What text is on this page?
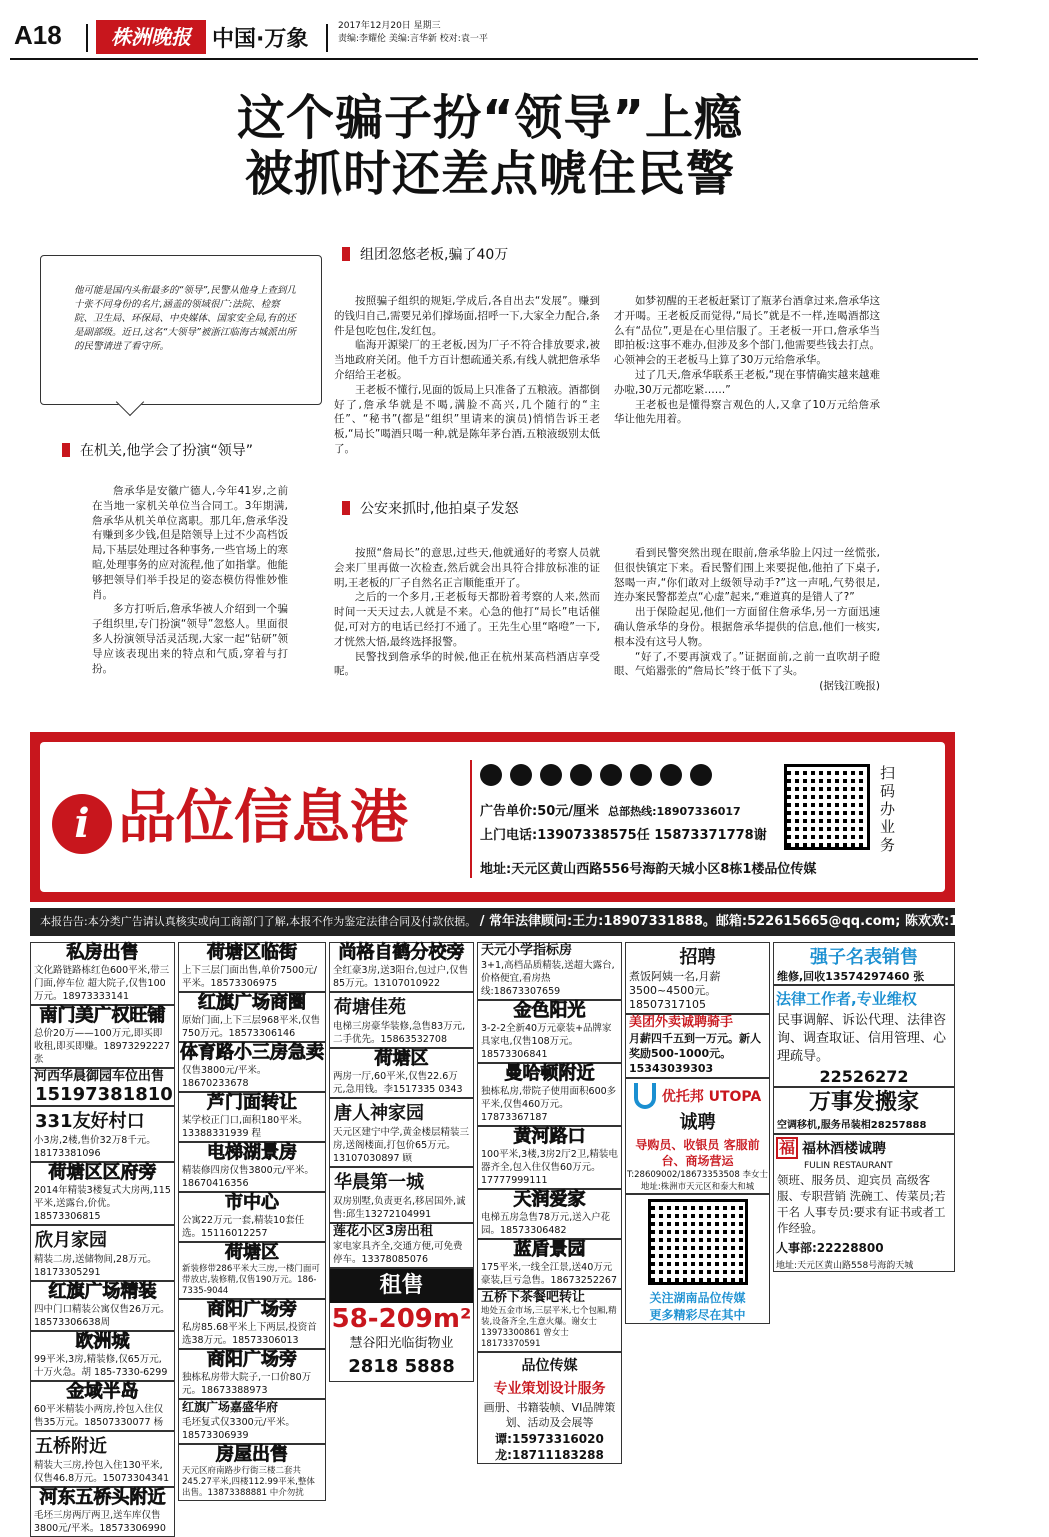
A18	株洲晚报 中国·万象
2017年12月20日 星期三
责编:李耀伦 美编:言华新 校对:袁一平
这个骗子扮“领导”上瘾
被抓时还差点唬住民警
他可能是国内头衔最多的“领导”,民警从他身上查到几十张不同身份的名片,涵盖的领域很广:法院、检察院、卫生局、环保局、中央媒体、国家安全局,有的还是副部级。近日,这名“大领导”被浙江临海古城派出所的民警请进了看守所。
在机关,他学会了扮演“领导”

詹承华是安徽广德人,今年41岁,之前在当地一家机关单位当合同工。3年期满,詹承华从机关单位离职。那几年,詹承华没有赚到多少钱,但是陪领导上过不少高档饭局,下基层处理过各种事务,一些官场上的寒暄,处理事务的应对流程,他了如指掌。他能够把领导们举手投足的姿态模仿得惟妙惟肖。

多方打听后,詹承华被人介绍到一个骗子组织里,专门扮演“领导”忽悠人。里面很多人扮演领导活灵活现,大家一起“钻研”领导应该表现出来的特点和气质,穿着与打扮。

组团忽悠老板,骗了40万

按照骗子组织的规矩,学成后,各自出去“发展”。赚到的钱归自己,需要兄弟们撑场面,招呼一下,大家全力配合,条件是包吃包住,发红包。

临海开源梁厂的王老板,因为厂子不符合排放要求,被当地政府关闭。他千方百计想疏通关系,有线人就把詹承华介绍给王老板。

王老板不懂行,见面的饭局上只准备了五粮液。酒都倒好了,詹承华就是不喝,满脸不高兴,几个随行的“主任”、“秘书”(都是“组织”里请来的演员)悄悄告诉王老板,“局长”喝酒只喝一种,就是陈年茅台酒,五粮液级别太低了。

如梦初醒的王老板赶紧订了瓶茅台酒拿过来,詹承华这才开喝。王老板反而觉得,“局长”就是不一样,连喝酒都这么有“品位”,更是在心里信服了。王老板一开口,詹承华当即拍板:这事不难办,但涉及多个部门,他需要些钱去打点。心领神会的王老板马上算了30万元给詹承华。

过了几天,詹承华联系王老板,“现在事情确实越来越难办啦,30万元都吃紧……”

王老板也是懂得察言观色的人,又拿了10万元给詹承华让他先用着。

公安来抓时,他拍桌子发怒

按照“詹局长”的意思,过些天,他就通好的考察人员就会来厂里再做一次检查,然后就会出具符合排放标准的证明,王老板的厂子自然名正言顺能重开了。

之后的一个多月,王老板每天都盼着考察的人来,然而时间一天天过去,人就是不来。心急的他打“局长”电话催促,可对方的电话已经打不通了。王先生心里“咯噔”一下,才恍然大悟,最终选择报警。

民警找到詹承华的时候,他正在杭州某高档酒店享受呢。

看到民警突然出现在眼前,詹承华脸上闪过一丝慌张,但很快镇定下来。看民警们围上来要捉他,他拍了下桌子,怒喝一声,“你们敢对上级领导动手?”这一声吼,气势很足,连办案民警都差点“心虚”起来,“难道真的是错人了?”

出于保险起见,他们一方面留住詹承华,另一方面迅速确认詹承华的身份。根据詹承华提供的信息,他们一核实,根本没有这号人物。

“好了,不要再演戏了。”证据面前,之前一直吹胡子瞪眼、气焰嚣张的“詹局长”终于低下了头。

(据钱江晚报)
i 品位信息港	广告单价:50元/厘米 总部热线:18907336017
上门电话:13907338575任 15873371778谢
地址:天元区黄山西路556号海韵天城小区8栋1楼品位传媒
扫码办业务
本报告告:本分类广告请认真核实或向工商部门了解,本报不作为鉴定法律合同及付款依据。 / 常年法律顾问:王力:18907331888。邮箱:522615665@qq.com; 陈欢欢:18707336900
私房出售
文化路链路栋红色600平米,带三门面,停车位 超大院子,仅售100万元。18973333141
南门美广权旺铺
总价20万——100万元,即买即收租,即买即赚。18973292227张
河西华晨御园车位出售
15197381810
331友好村口
小3房,2楼,售价32万8千元。18173381096
荷塘区区府旁
2014年精装3楼复式大房两,115平米,送露台,价优。18573306815
欣月家园
精装二房,送储物间,28万元。18173305291
红旗广场精装
四中门口精装公寓仅售26万元。18573306638周
欧洲城
99平米,3房,精装修,仅65万元,十万火急。胡 185-7330-6299
金域半岛
60平米精装小两房,拎包入住仅售35万元。18507330077 杨
五桥附近
精装大三房,拎包入住130平米,仅售46.8万元。15073304341
河东五桥头附近
毛坯三房两厅两卫,送车库仅售3800元/平米。18573306990
荷塘区临街
上下三层门面出售,单价7500元/平米。18573306975
红旗广场商圈
原始门面,上下三层968平米,仅售750万元。18573306146
体育路小三房急卖
仅售3800元/平米。18670233678
芦门面转让
某学校正门口,面积180平米。13388331939 程
电梯湖景房
精装修四房仅售3800元/平米。18670416356
市中心
公寓22万元一套,精装10套任选。15116012257
荷塘区
新装修带286平米大三房,一楼门面可带放店,装修精,仅售190万元。186-7335-9044
商阳广场旁
私房85.68平米上下两层,投资首选38万元。18573306013
商阳广场旁
独栋私房带大院子,一口价80万元。18673388973
红旗广场嘉盛华府
毛坯复式仅3300元/平米。18573306939
房屋出售
天元区府南路步行街三楼二套共245.27平米,四楼112.99平米,整体出售。13873388881 中介勿扰
尚格自鹤分校旁
全红豪3房,送3阳台,包过户,仅售85万元。13107010922
荷塘佳苑
电梯三房豪华装修,急售83万元,二手优先。15863532708
荷塘区
两房一厅,60平米,仅售22.6万元,急用钱。李1517335 0343
唐人神家园
天元区建宁中学,黄金楼层精装三房,送阁楼面,打包价65万元。13107030897 顾
华晨第一城
双房别墅,负责更名,移居国外,诚售:邱生13272104991
莲花小区3房出租
家电家具齐全,交通方便,可免费停车。13378085076
租售
58-209m²
慧谷阳光临街物业
2818 5888
天元小学指标房
3+1,高档品质精装,送超大露台,价格便宜,看房热线:18673307659
金色阳光
3-2-2全新40万元豪装+品牌家具家电,仅售108万元。18573306841
曼哈顿附近
独栋私房,带院子使用面积600多平米,仅售460万元。17873367187
黄河路口
100平米,3楼,3房2厅2卫,精装电器齐全,包入住仅售60万元。17777999111
天润爱家
电梯五房急售78万元,送入户花园。18573306482
蓝盾景园
175平米,一线全江景,送40万元豪装,巨亏急售。18673252267
五桥下茶餐吧转让
地处五金市场,三层平米,七个包厢,精装,设备齐全,生意火爆。谢女士13973300861 曾女士18173370591
品位传媒
专业策划设计服务
画册、书籍装帧、VI品牌策划、活动及会展等
谭:15973316020
龙:18711183288
招聘
煮饭阿姨一名,月薪3500~4500元。18507317105
美团外卖诚聘骑手
月薪四千五到一万元。新人奖励500-1000元。15343039303
优托邦 UTOPA
诚聘
导购员、收银员 客服前台、商场营运
T:28609002/18673353508 李女士
地址:株洲市天元区和泰大和城
关注湖南品位传媒
更多精彩尽在其中
强子名表销售
维修,回收13574297460 张
法律工作者,专业维权
民事调解、诉讼代理、法律咨询、调查取证、信用管理、心理疏导。
22526272
万事发搬家
空调移机,服务吊装相28257888
福 福林酒楼诚聘
FULIN RESTAURANT
领班、服务员、迎宾员 高级客服、专职营销 洗碗工、传菜员;若干名 人事专员:要求有证书或者工作经验。
人事部:22228800
地址:天元区黄山路558号海韵天城
